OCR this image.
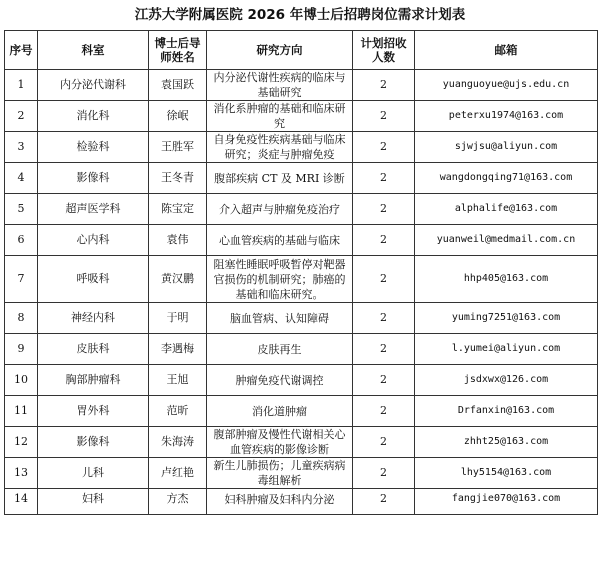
江苏大学附属医院 2026 年博士后招聘岗位需求计划表
序号	科室	博士后导师姓名	研究方向	计划招收人数	邮箱
1	内分泌代谢科	袁国跃	内分泌代谢性疾病的临床与基础研究	2	yuanguoyue@ujs.edu.cn
2	消化科	徐岷	消化系肿瘤的基础和临床研究	2	peterxu1974@163.com
3	检验科	王胜军	自身免疫性疾病基础与临床研究；炎症与肿瘤免疫	2	sjwjsu@aliyun.com
4	影像科	王冬青	腹部疾病 CT 及 MRI 诊断	2	wangdongqing71@163.com
5	超声医学科	陈宝定	介入超声与肿瘤免疫治疗	2	alphalife@163.com
6	心内科	袁伟	心血管疾病的基础与临床	2	yuanweil@medmail.com.cn
7	呼吸科	黄汉鹏	阻塞性睡眠呼吸暂停对靶器官损伤的机制研究；肺癌的基础和临床研究。	2	hhp405@163.com
8	神经内科	于明	脑血管病、认知障碍	2	yuming7251@163.com
9	皮肤科	李遇梅	皮肤再生	2	l.yumei@aliyun.com
10	胸部肿瘤科	王旭	肿瘤免疫代谢调控	2	jsdxwx@126.com
11	胃外科	范昕	消化道肿瘤	2	Drfanxin@163.com
12	影像科	朱海涛	腹部肿瘤及慢性代谢相关心血管疾病的影像诊断	2	zhht25@163.com
13	儿科	卢红艳	新生儿肺损伤；儿童疾病病毒组解析	2	lhy5154@163.com
14	妇科	方杰	妇科肿瘤及妇科内分泌	2	fangjie070@163.com
